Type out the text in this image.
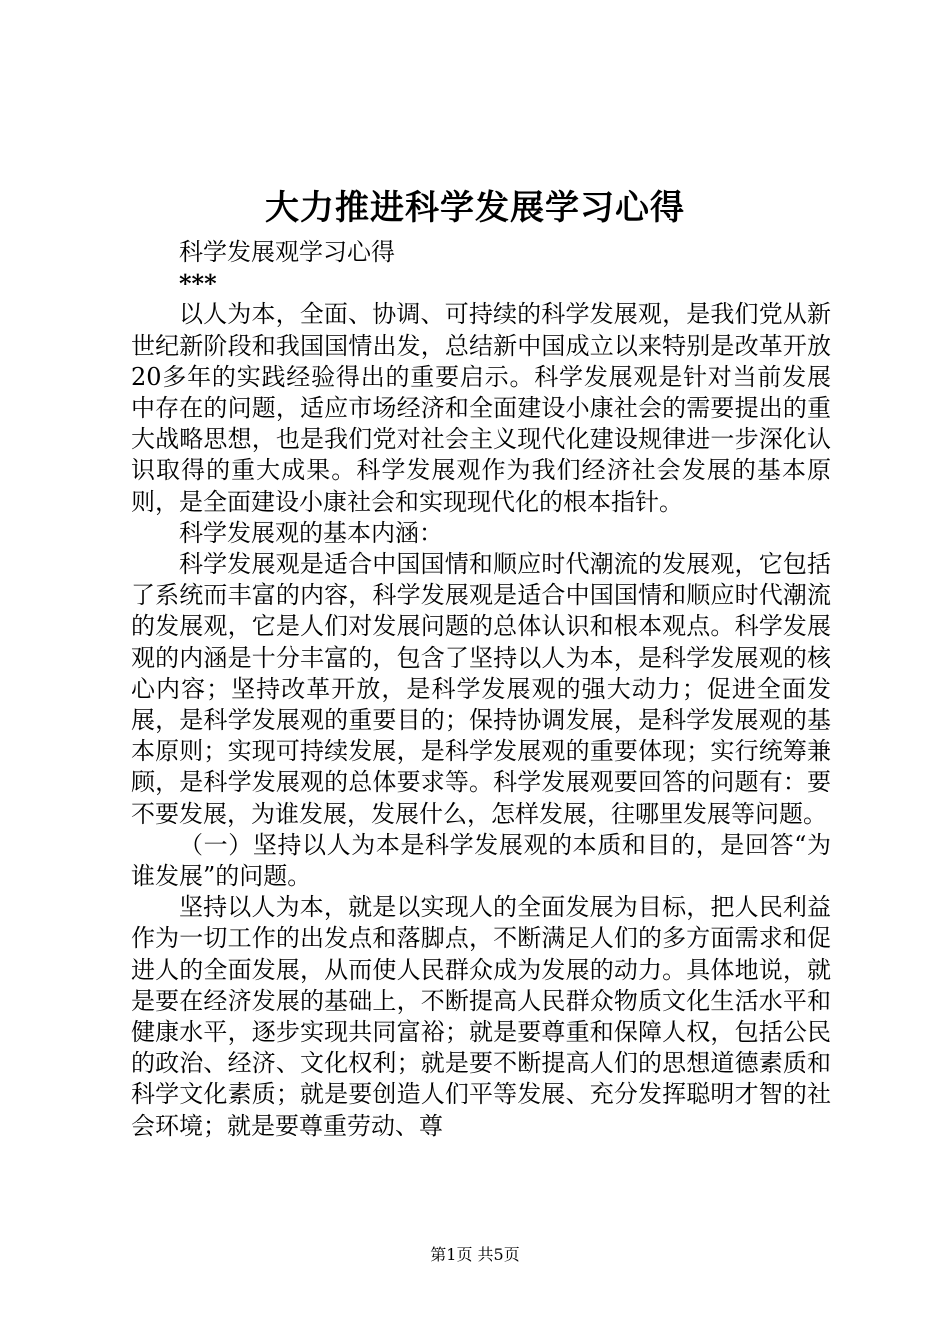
大力推进科学发展学习心得

科学发展观学习心得

***

以人为本，全面、协调、可持续的科学发展观，是我们党从新世纪新阶段和我国国情出发，总结新中国成立以来特别是改革开放20多年的实践经验得出的重要启示。科学发展观是针对当前发展中存在的问题，适应市场经济和全面建设小康社会的需要提出的重大战略思想，也是我们党对社会主义现代化建设规律进一步深化认识取得的重大成果。科学发展观作为我们经济社会发展的基本原则，是全面建设小康社会和实现现代化的根本指针。

科学发展观的基本内涵：

科学发展观是适合中国国情和顺应时代潮流的发展观，它包括了系统而丰富的内容，科学发展观是适合中国国情和顺应时代潮流的发展观，它是人们对发展问题的总体认识和根本观点。科学发展观的内涵是十分丰富的，包含了坚持以人为本，是科学发展观的核心内容；坚持改革开放，是科学发展观的强大动力；促进全面发展，是科学发展观的重要目的；保持协调发展，是科学发展观的基本原则；实现可持续发展，是科学发展观的重要体现；实行统筹兼顾，是科学发展观的总体要求等。科学发展观要回答的问题有：要不要发展，为谁发展，发展什么，怎样发展，往哪里发展等问题。

（一）坚持以人为本是科学发展观的本质和目的，是回答“为谁发展”的问题。

坚持以人为本，就是以实现人的全面发展为目标，把人民利益作为一切工作的出发点和落脚点，不断满足人们的多方面需求和促进人的全面发展，从而使人民群众成为发展的动力。具体地说，就是要在经济发展的基础上，不断提高人民群众物质文化生活水平和健康水平，逐步实现共同富裕；就是要尊重和保障人权，包括公民的政治、经济、文化权利；就是要不断提高人们的思想道德素质和科学文化素质；就是要创造人们平等发展、充分发挥聪明才智的社会环境；就是要尊重劳动、尊

第1页 共5页
